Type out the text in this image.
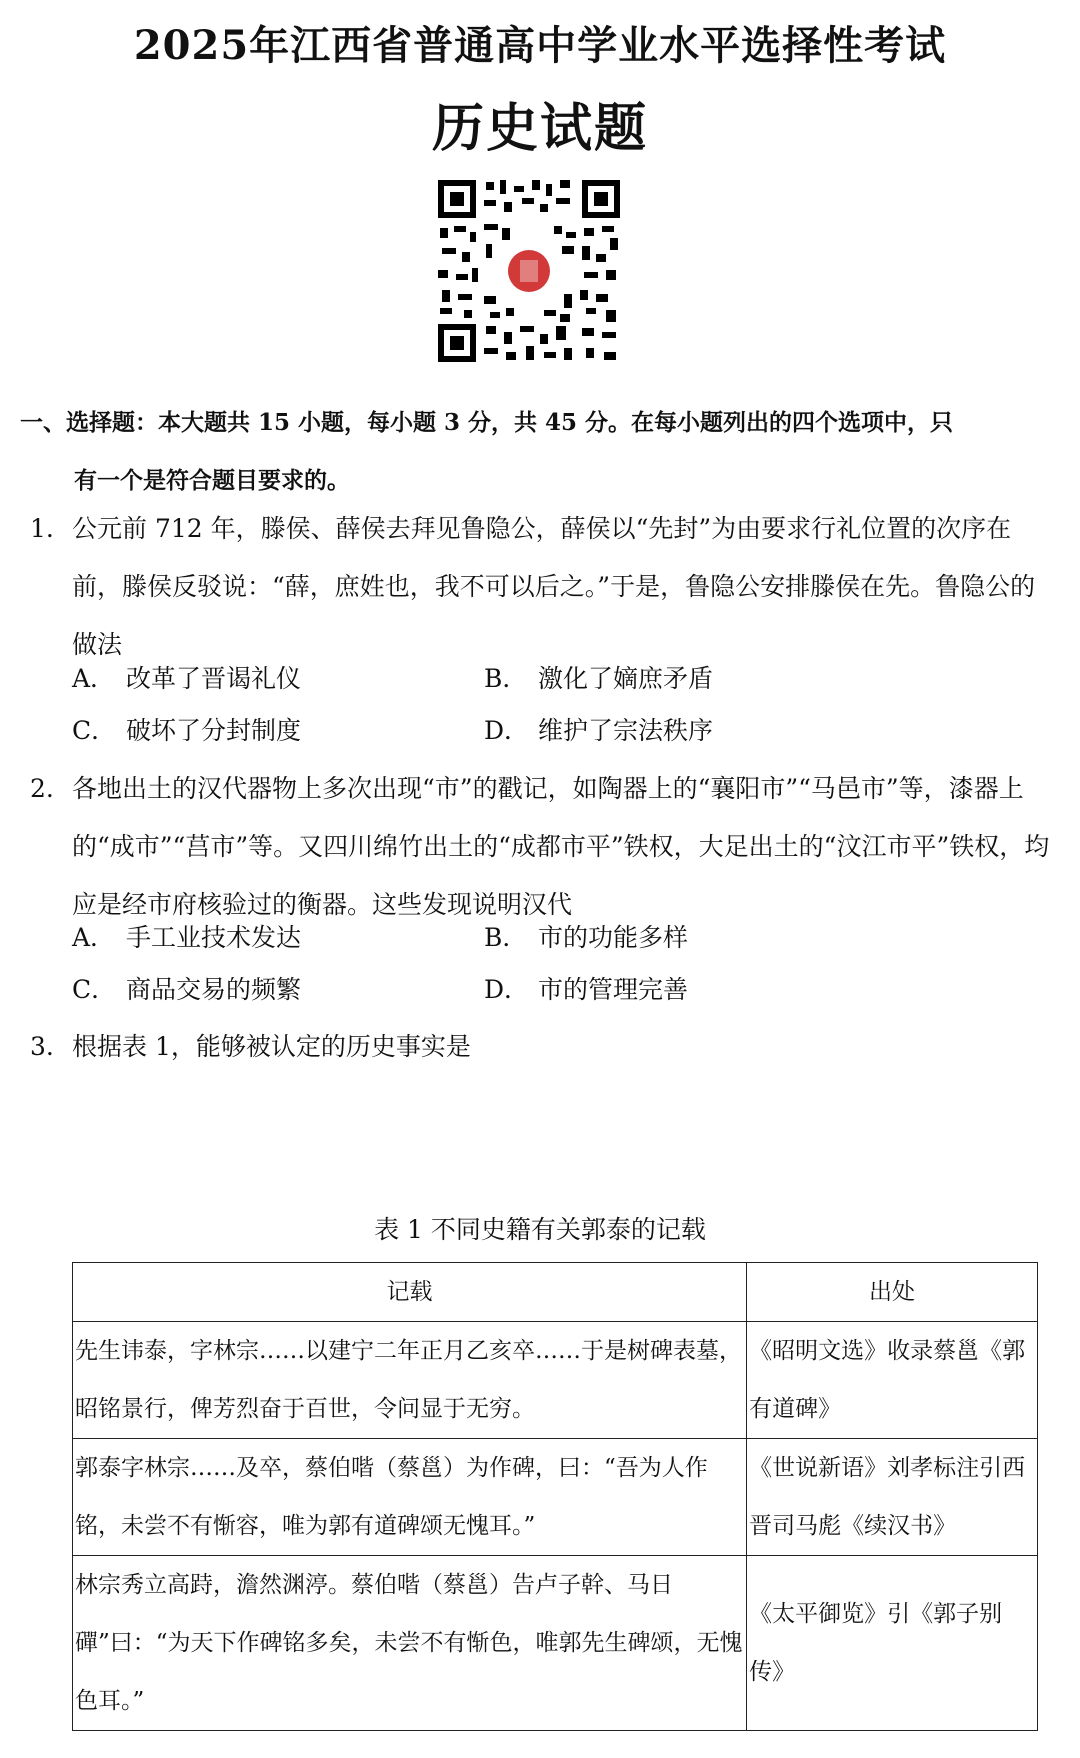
2025年江西省普通高中学业水平选择性考试
历史试题
一、选择题：本大题共 15 小题，每小题 3 分，共 45 分。在每小题列出的四个选项中，只
有一个是符合题目要求的。
1. 公元前 712 年，滕侯、薛侯去拜见鲁隐公，薛侯以“先封”为由要求行礼位置的次序在前，滕侯反驳说：“薛，庶姓也，我不可以后之。”于是，鲁隐公安排滕侯在先。鲁隐公的做法
A． 改革了晋谒礼仪	B． 激化了嫡庶矛盾
C． 破坏了分封制度	D． 维护了宗法秩序
2. 各地出土的汉代器物上多次出现“市”的戳记，如陶器上的“襄阳市”“马邑市”等，漆器上的“成市”“莒市”等。又四川绵竹出土的“成都市平”铁权，大足出土的“汶江市平”铁权，均应是经市府核验过的衡器。这些发现说明汉代
A． 手工业技术发达	B． 市的功能多样
C． 商品交易的频繁	D． 市的管理完善
3. 根据表 1，能够被认定的历史事实是
表 1 不同史籍有关郭泰的记载
记载	出处
先生讳泰，字林宗……以建宁二年正月乙亥卒……于是树碑表墓，昭铭景行，俾芳烈奋于百世，令问显于无穷。	《昭明文选》收录蔡邕《郭有道碑》
郭泰字林宗……及卒，蔡伯喈（蔡邕）为作碑，曰：“吾为人作铭，未尝不有惭容，唯为郭有道碑颂无愧耳。”	《世说新语》刘孝标注引西晋司马彪《续汉书》
林宗秀立高跱，澹然渊渟。蔡伯喈（蔡邕）告卢子幹、马日磾”曰：“为天下作碑铭多矣，未尝不有惭色，唯郭先生碑颂，无愧色耳。”	《太平御览》引《郭子别传》
